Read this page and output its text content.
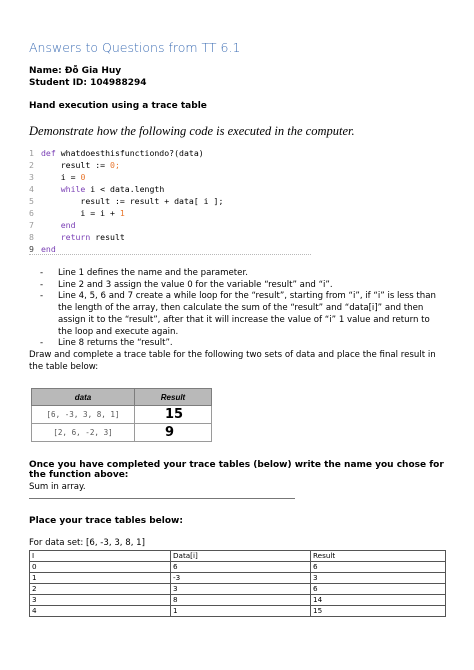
Answers to Questions from TT 6.1
Name: Đỗ Gia Huy
Student ID: 104988294
Hand execution using a trace table
Demonstrate how the following code is executed in the computer.
1 def whatdoesthisfunctiondo?(data)
2    result := 0;
3    i = 0
4	while i < data.length
5        result := result + data[ i ];
6        i = i + 1
7	end
8	return result
9 end
- Line 1 defines the name and the parameter.
- Line 2 and 3 assign the value 0 for the variable “result” and “i”.
- Line 4, 5, 6 and 7 create a while loop for the “result”, starting from “i”, if “i” is less than the length of the array, then calculate the sum of the “result” and “data[i]” and then assign it to the “result”, after that it will increase the value of “i” 1 value and return to the loop and execute again.
- Line 8 returns the “result”.
Draw and complete a trace table for the following two sets of data and place the final result in the table below:
data	Result
[6, -3, 3, 8, 1]	15
[2, 6, -2, 3]	9
Once you have completed your trace tables (below) write the name you chose for the function above:
Sum in array.
Place your trace tables below:
For data set: [6, -3, 3, 8, 1]
I	Data[i]	Result
0	6	6
1	-3	3
2	3	6
3	8	14
4	1	15
